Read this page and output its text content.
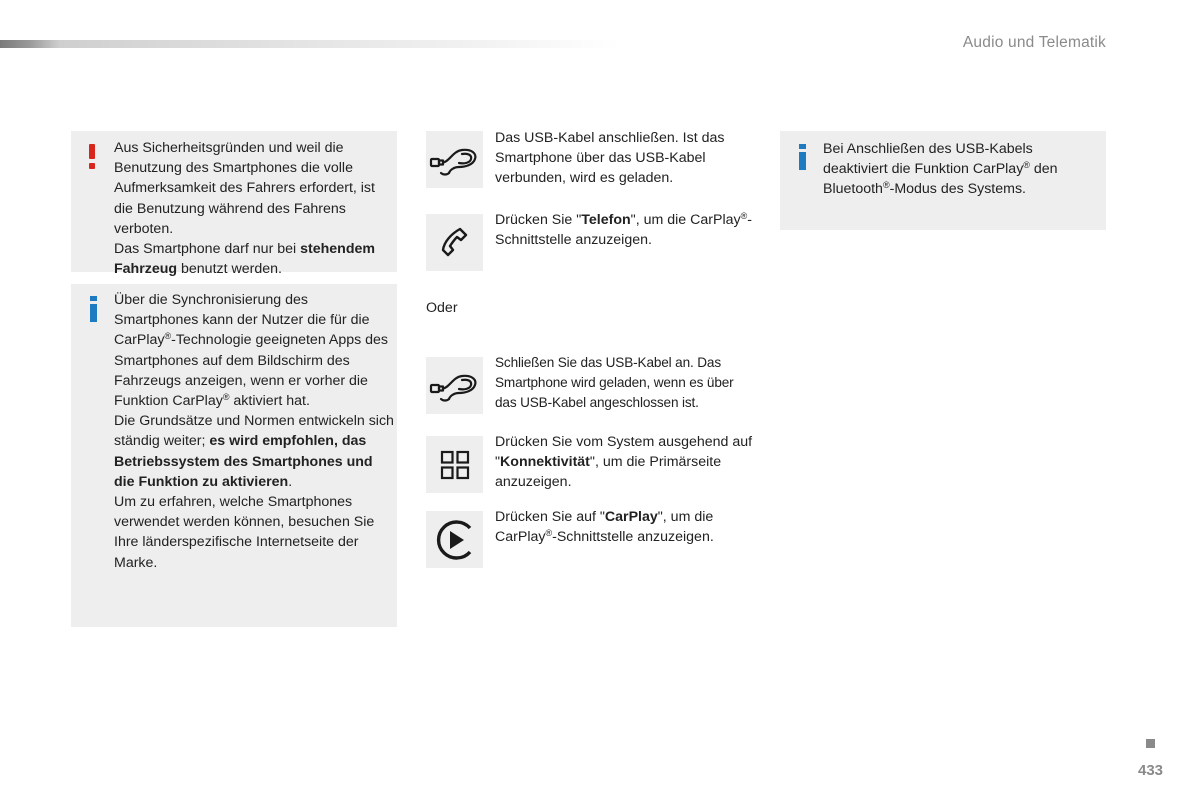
Audio und Telematik

Aus Sicherheitsgründen und weil die Benutzung des Smartphones die volle Aufmerksamkeit des Fahrers erfordert, ist die Benutzung während des Fahrens verboten.

Das Smartphone darf nur bei stehendem Fahrzeug benutzt werden.

Über die Synchronisierung des Smartphones kann der Nutzer die für die CarPlay®-Technologie geeigneten Apps des Smartphones auf dem Bildschirm des Fahrzeugs anzeigen, wenn er vorher die Funktion CarPlay® aktiviert hat.

Die Grundsätze und Normen entwickeln sich ständig weiter; es wird empfohlen, das Betriebssystem des Smartphones und die Funktion zu aktivieren.

Um zu erfahren, welche Smartphones verwendet werden können, besuchen Sie Ihre länderspezifische Internetseite der Marke.

Das USB-Kabel anschließen. Ist das Smartphone über das USB-Kabel verbunden, wird es geladen.
Drücken Sie "Telefon", um die CarPlay®-Schnittstelle anzuzeigen.
Oder
Schließen Sie das USB-Kabel an. Das Smartphone wird geladen, wenn es über das USB-Kabel angeschlossen ist.
Drücken Sie vom System ausgehend auf "Konnektivität", um die Primärseite anzuzeigen.
Drücken Sie auf "CarPlay", um die CarPlay®-Schnittstelle anzuzeigen.
Bei Anschließen des USB-Kabels deaktiviert die Funktion CarPlay® den Bluetooth®-Modus des Systems.
433
